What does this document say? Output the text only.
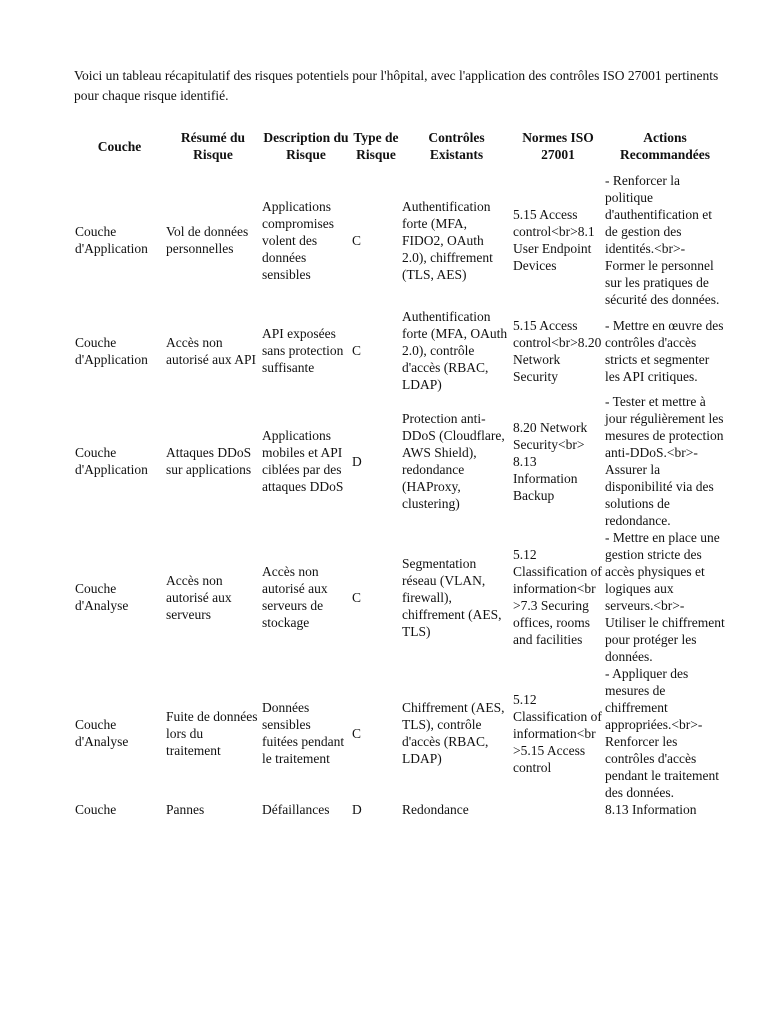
Voici un tableau récapitulatif des risques potentiels pour l'hôpital, avec l'application des contrôles ISO 27001 pertinents pour chaque risque identifié.

Couche	Résumé du Risque	Description du Risque	Type de Risque	Contrôles Existants	Normes ISO 27001	Actions Recommandées
Couche d'Application	Vol de données personnelles	Applications compromises volent des données sensibles	C	Authentification forte (MFA, FIDO2, OAuth 2.0), chiffrement (TLS, AES)	5.15 Access control<br>8.1 User Endpoint Devices	- Renforcer la politique d'authentification et de gestion des identités.<br>- Former le personnel sur les pratiques de sécurité des données.
Couche d'Application	Accès non autorisé aux API	API exposées sans protection suffisante	C	Authentification forte (MFA, OAuth 2.0), contrôle d'accès (RBAC, LDAP)	5.15 Access control<br>8.20 Network Security	- Mettre en œuvre des contrôles d'accès stricts et segmenter les API critiques.
Couche d'Application	Attaques DDoS sur applications	Applications mobiles et API ciblées par des attaques DDoS	D	Protection anti-DDoS (Cloudflare, AWS Shield), redondance (HAProxy, clustering)	8.20 Network Security<br> 8.13 Information Backup	- Tester et mettre à jour régulièrement les mesures de protection anti-DDoS.<br>- Assurer la disponibilité via des solutions de redondance.
Couche d'Analyse	Accès non autorisé aux serveurs	Accès non autorisé aux serveurs de stockage	C	Segmentation réseau (VLAN, firewall), chiffrement (AES, TLS)	5.12 Classification of information<br>7.3 Securing offices, rooms and facilities	- Mettre en place une gestion stricte des accès physiques et logiques aux serveurs.<br>- Utiliser le chiffrement pour protéger les données.
Couche d'Analyse	Fuite de données lors du traitement	Données sensibles fuitées pendant le traitement	C	Chiffrement (AES, TLS), contrôle d'accès (RBAC, LDAP)	5.12 Classification of information<br>5.15 Access control	- Appliquer des mesures de chiffrement appropriées.<br>- Renforcer les contrôles d'accès pendant le traitement des données.
Couche	Pannes	Défaillances	D	Redondance		8.13 Information
